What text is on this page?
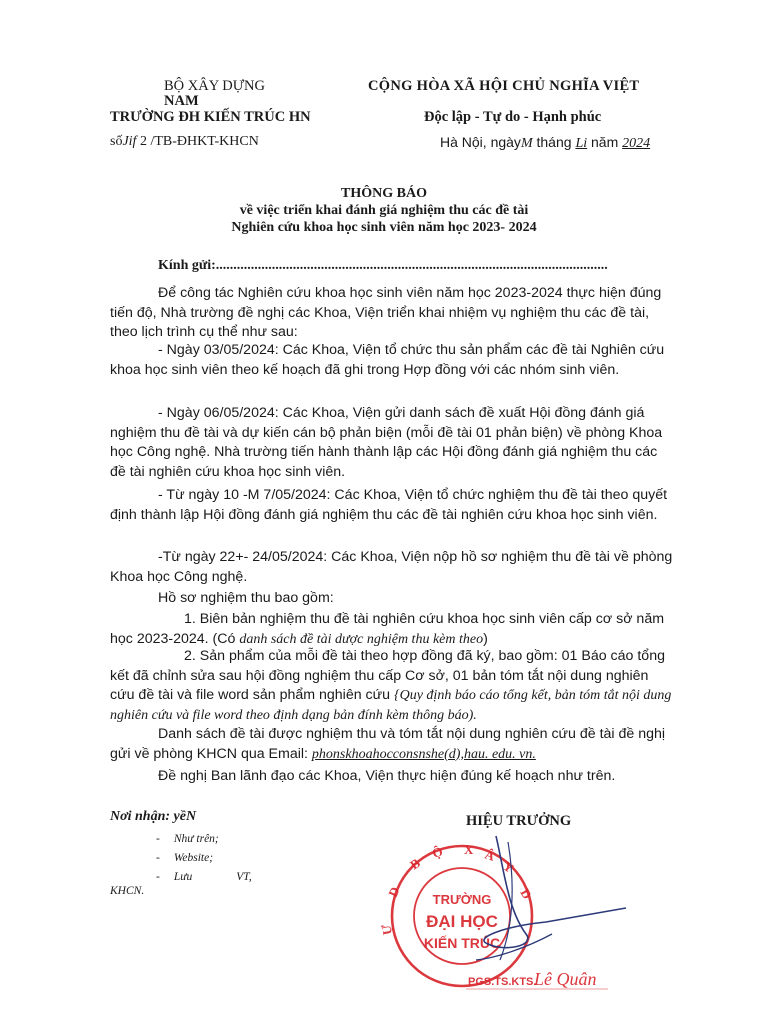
BỘ XÂY DỰNG
NAM
TRƯỜNG ĐH KIẾN TRÚC HN
sốJif 2 /TB-ĐHKT-KHCN
CỘNG HÒA XÃ HỘI CHỦ NGHĨA VIỆT
Độc lập - Tự do - Hạnh phúc
Hà Nội, ngàyM tháng Li năm 2024
THÔNG BÁO
về việc triển khai đánh giá nghiệm thu các đề tài
Nghiên cứu khoa học sinh viên năm học 2023- 2024
Kính gửi:................................................................................................................
Để công tác Nghiên cứu khoa học sinh viên năm học 2023-2024 thực hiện đúng tiến độ, Nhà trường đề nghị các Khoa, Viện triển khai nhiệm vụ nghiệm thu các đề tài, theo lịch trình cụ thể như sau:
- Ngày 03/05/2024: Các Khoa, Viện tổ chức thu sản phẩm các đề tài Nghiên cứu khoa học sinh viên theo kế hoạch đã ghi trong Hợp đồng với các nhóm sinh viên.
- Ngày 06/05/2024: Các Khoa, Viện gửi danh sách đề xuất Hội đồng đánh giá nghiệm thu đề tài và dự kiến cán bộ phản biện (mỗi đề tài 01 phản biện) về phòng Khoa học Công nghệ. Nhà trường tiến hành thành lập các Hội đồng đánh giá nghiệm thu các đề tài nghiên cứu khoa học sinh viên.
- Từ ngày 10 -M 7/05/2024: Các Khoa, Viện tổ chức nghiệm thu đề tài theo quyết định thành lập Hội đồng đánh giá nghiệm thu các đề tài nghiên cứu khoa học sinh viên.
-Từ ngày 22+- 24/05/2024: Các Khoa, Viện nộp hồ sơ nghiệm thu đề tài về phòng Khoa học Công nghệ.
Hồ sơ nghiệm thu bao gồm:
1. Biên bản nghiệm thu đề tài nghiên cứu khoa học sinh viên cấp cơ sở năm học 2023-2024. (Có danh sách đề tài dược nghiệm thu kèm theo)
2. Sản phẩm của mỗi đề tài theo hợp đồng đã ký, bao gồm: 01 Báo cáo tổng kết đã chỉnh sửa sau hội đồng nghiệm thu cấp Cơ sở, 01 bản tóm tắt nội dung nghiên cứu đề tài và file word sản phẩm nghiên cứu {Quy định báo cáo tổng kết, bản tóm tắt nội dung nghiên cứu và file word theo định dạng bản đính kèm thông báo).
Danh sách đề tài được nghiệm thu và tóm tắt nội dung nghiên cứu đề tài đề nghị gửi về phòng KHCN qua Email: phonskhoahocconsnshe(d),hau. edu. vn.
Đề nghị Ban lãnh đạo các Khoa, Viện thực hiện đúng kế hoạch như trên.
Nơi nhận: yềN
- Như trên;
- Website;
- Lưu	VT,
KHCN.
HIỆU TRƯỞNG
B
Ộ X Â
Y
D
Ự
D
TRƯỜNG
ĐẠI HỌC
KIẾN TRÚC
PGS.TS.KTS.
Lê Quân
